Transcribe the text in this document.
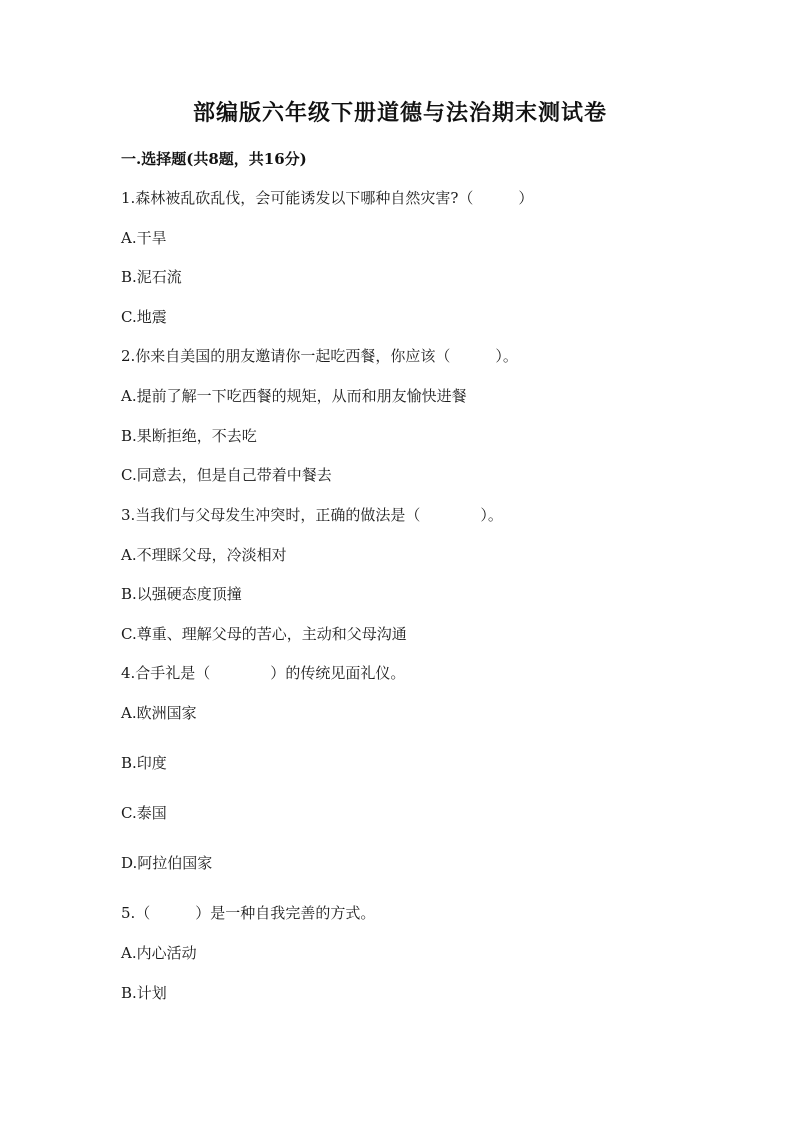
部编版六年级下册道德与法治期末测试卷
一.选择题(共8题，共16分)
1.森林被乱砍乱伐，会可能诱发以下哪种自然灾害?（　　　）
A.干旱
B.泥石流
C.地震
2.你来自美国的朋友邀请你一起吃西餐，你应该（　　　）。
A.提前了解一下吃西餐的规矩，从而和朋友愉快进餐
B.果断拒绝，不去吃
C.同意去，但是自己带着中餐去
3.当我们与父母发生冲突时，正确的做法是（　　　　）。
A.不理睬父母，冷淡相对
B.以强硬态度顶撞
C.尊重、理解父母的苦心，主动和父母沟通
4.合手礼是（　　　　）的传统见面礼仪。
A.欧洲国家
B.印度
C.泰国
D.阿拉伯国家
5.（　　　）是一种自我完善的方式。
A.内心活动
B.计划
